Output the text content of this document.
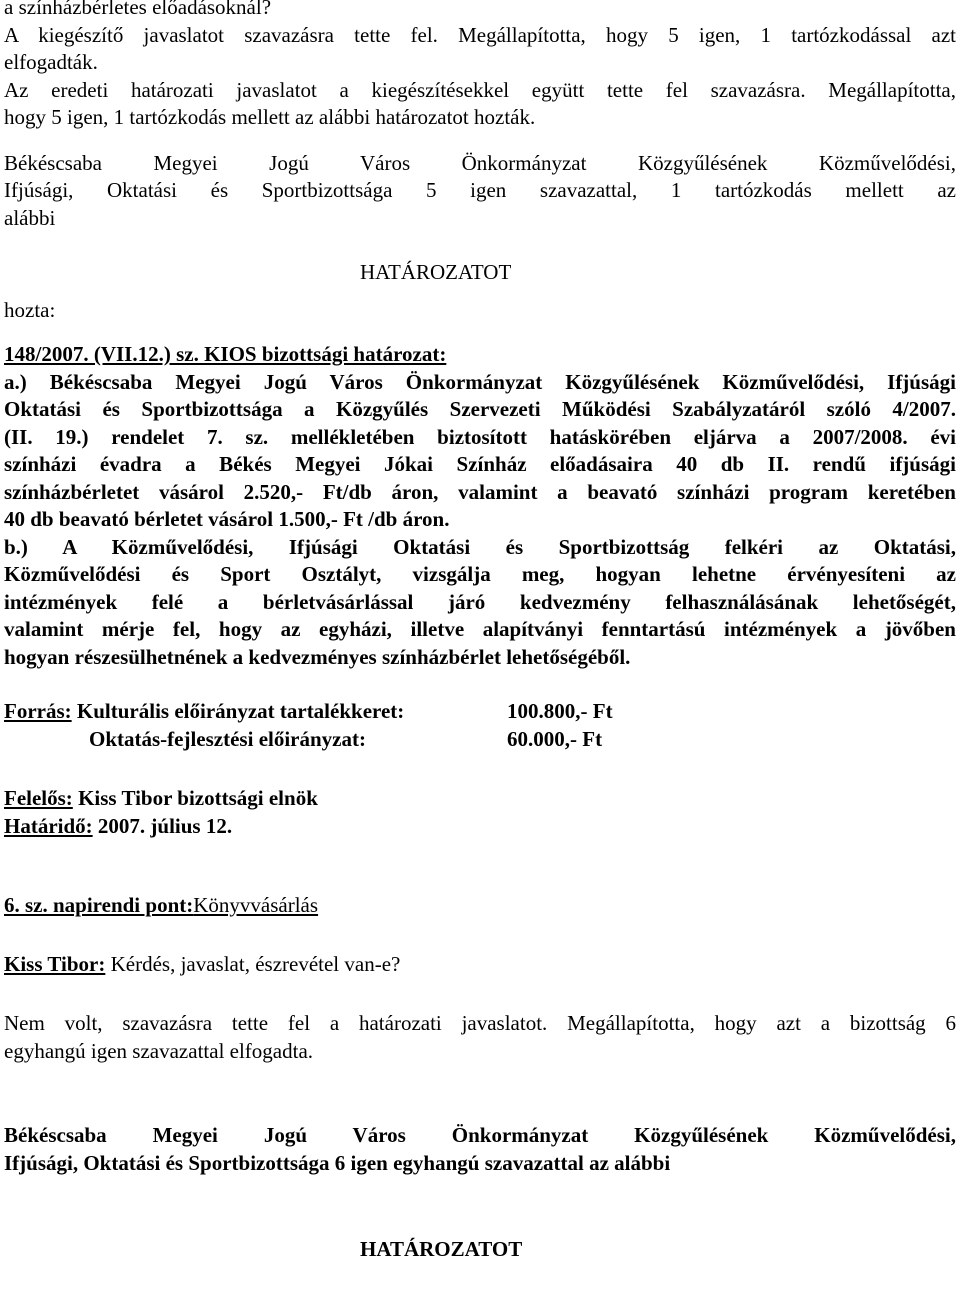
a színházbérletes előadásoknál?

A kiegészítő javaslatot szavazásra tette fel. Megállapította, hogy 5 igen, 1 tartózkodással azt

elfogadták.

Az eredeti határozati javaslatot a kiegészítésekkel együtt tette fel szavazásra. Megállapította,

hogy 5 igen, 1 tartózkodás mellett az alábbi határozatot hozták.

Békéscsaba Megyei Jogú Város Önkormányzat Közgyűlésének Közművelődési,

Ifjúsági, Oktatási és Sportbizottsága 5 igen szavazattal, 1 tartózkodás mellett az

alábbi

hozta:
HATÁROZATOT

148/2007. (VII.12.) sz. KIOS bizottsági határozat:

a.) Békéscsaba Megyei Jogú Város Önkormányzat Közgyűlésének Közművelődési, Ifjúsági

Oktatási és Sportbizottsága a Közgyűlés Szervezeti Működési Szabályzatáról szóló 4/2007.

(II. 19.) rendelet 7. sz. mellékletében biztosított hatáskörében eljárva a 2007/2008. évi

színházi évadra a Békés Megyei Jókai Színház előadásaira 40 db II. rendű ifjúsági

színházbérletet vásárol 2.520,- Ft/db áron, valamint a beavató színházi program keretében

40 db beavató bérletet vásárol 1.500,- Ft /db áron.

b.) A Közművelődési, Ifjúsági Oktatási és Sportbizottság felkéri az Oktatási,

Közművelődési és Sport Osztályt, vizsgálja meg, hogyan lehetne érvényesíteni az

intézmények felé a bérletvásárlással járó kedvezmény felhasználásának lehetőségét,

valamint mérje fel, hogy az egyházi, illetve alapítványi fenntartású intézmények a jövőben

hogyan részesülhetnének a kedvezményes színházbérlet lehetőségéből.

Forrás: Kulturális előirányzat tartalékkeret:	100.800,- Ft
Oktatás-fejlesztési előirányzat:	60.000,- Ft

Felelős: Kiss Tibor bizottsági elnök

Határidő: 2007. július 12.

6. sz. napirendi pont:Könyvvásárlás

Kiss Tibor: Kérdés, javaslat, észrevétel van-e?

Nem volt, szavazásra tette fel a határozati javaslatot. Megállapította, hogy azt a bizottság 6

egyhangú igen szavazattal elfogadta.

Békéscsaba Megyei Jogú Város Önkormányzat Közgyűlésének Közművelődési,

Ifjúsági, Oktatási és Sportbizottsága 6 igen egyhangú szavazattal az alábbi

HATÁROZATOT
